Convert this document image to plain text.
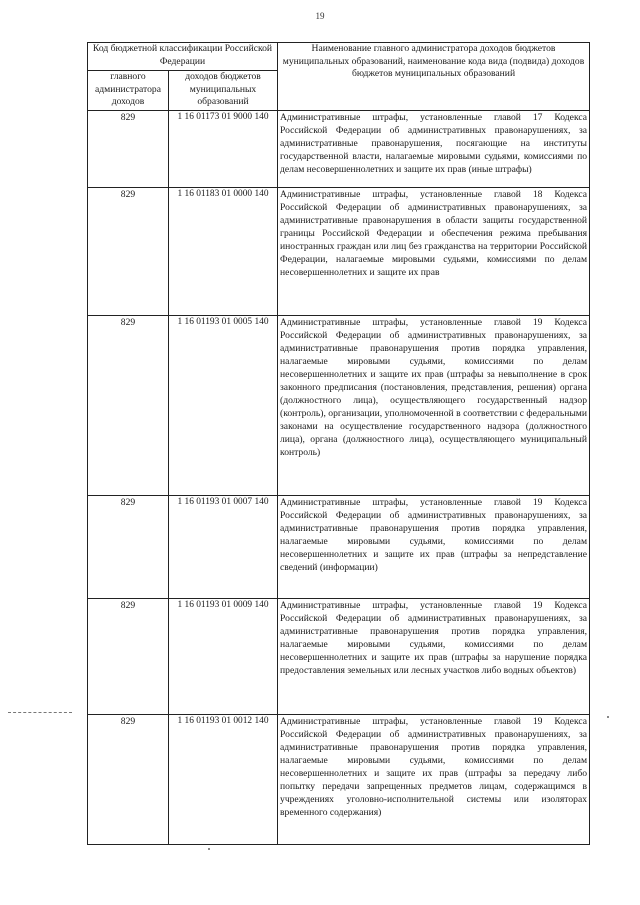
19
Код бюджетной классификации Российской Федерации		Наименование главного администратора доходов бюджетов муниципальных образований, наименование кода вида (подвида) доходов бюджетов муниципальных образований
главного администратора доходов	доходов бюджетов муниципальных образований	
829	1 16 01173 01 9000 140	Административные штрафы, установленные главой 17 Кодекса Российской Федерации об административных правонарушениях, за административные правонарушения, посягающие на институты государственной власти, налагаемые мировыми судьями, комиссиями по делам несовершеннолетних и защите их прав (иные штрафы)
829	1 16 01183 01 0000 140	Административные штрафы, установленные главой 18 Кодекса Российской Федерации об административных правонарушениях, за административные правонарушения в области защиты государственной границы Российской Федерации и обеспечения режима пребывания иностранных граждан или лиц без гражданства на территории Российской Федерации, налагаемые мировыми судьями, комиссиями по делам несовершеннолетних и защите их прав
829	1 16 01193 01 0005 140	Административные штрафы, установленные главой 19 Кодекса Российской Федерации об административных правонарушениях, за административные правонарушения против порядка управления, налагаемые мировыми судьями, комиссиями по делам несовершеннолетних и защите их прав (штрафы за невыполнение в срок законного предписания (постановления, представления, решения) органа (должностного лица), осуществляющего государственный надзор (контроль), организации, уполномоченной в соответствии с федеральными законами на осуществление государственного надзора (должностного лица), органа (должностного лица), осуществляющего муниципальный контроль)
829	1 16 01193 01 0007 140	Административные штрафы, установленные главой 19 Кодекса Российской Федерации об административных правонарушениях, за административные правонарушения против порядка управления, налагаемые мировыми судьями, комиссиями по делам несовершеннолетних и защите их прав (штрафы за непредставление сведений (информации)
829	1 16 01193 01 0009 140	Административные штрафы, установленные главой 19 Кодекса Российской Федерации об административных правонарушениях, за административные правонарушения против порядка управления, налагаемые мировыми судьями, комиссиями по делам несовершеннолетних и защите их прав (штрафы за нарушение порядка предоставления земельных или лесных участков либо водных объектов)
829	1 16 01193 01 0012 140	Административные штрафы, установленные главой 19 Кодекса Российской Федерации об административных правонарушениях, за административные правонарушения против порядка управления, налагаемые мировыми судьями, комиссиями по делам несовершеннолетних и защите их прав (штрафы за передачу либо попытку передачи запрещенных предметов лицам, содержащимся в учреждениях уголовно-исполнительной системы или изоляторах временного содержания)
